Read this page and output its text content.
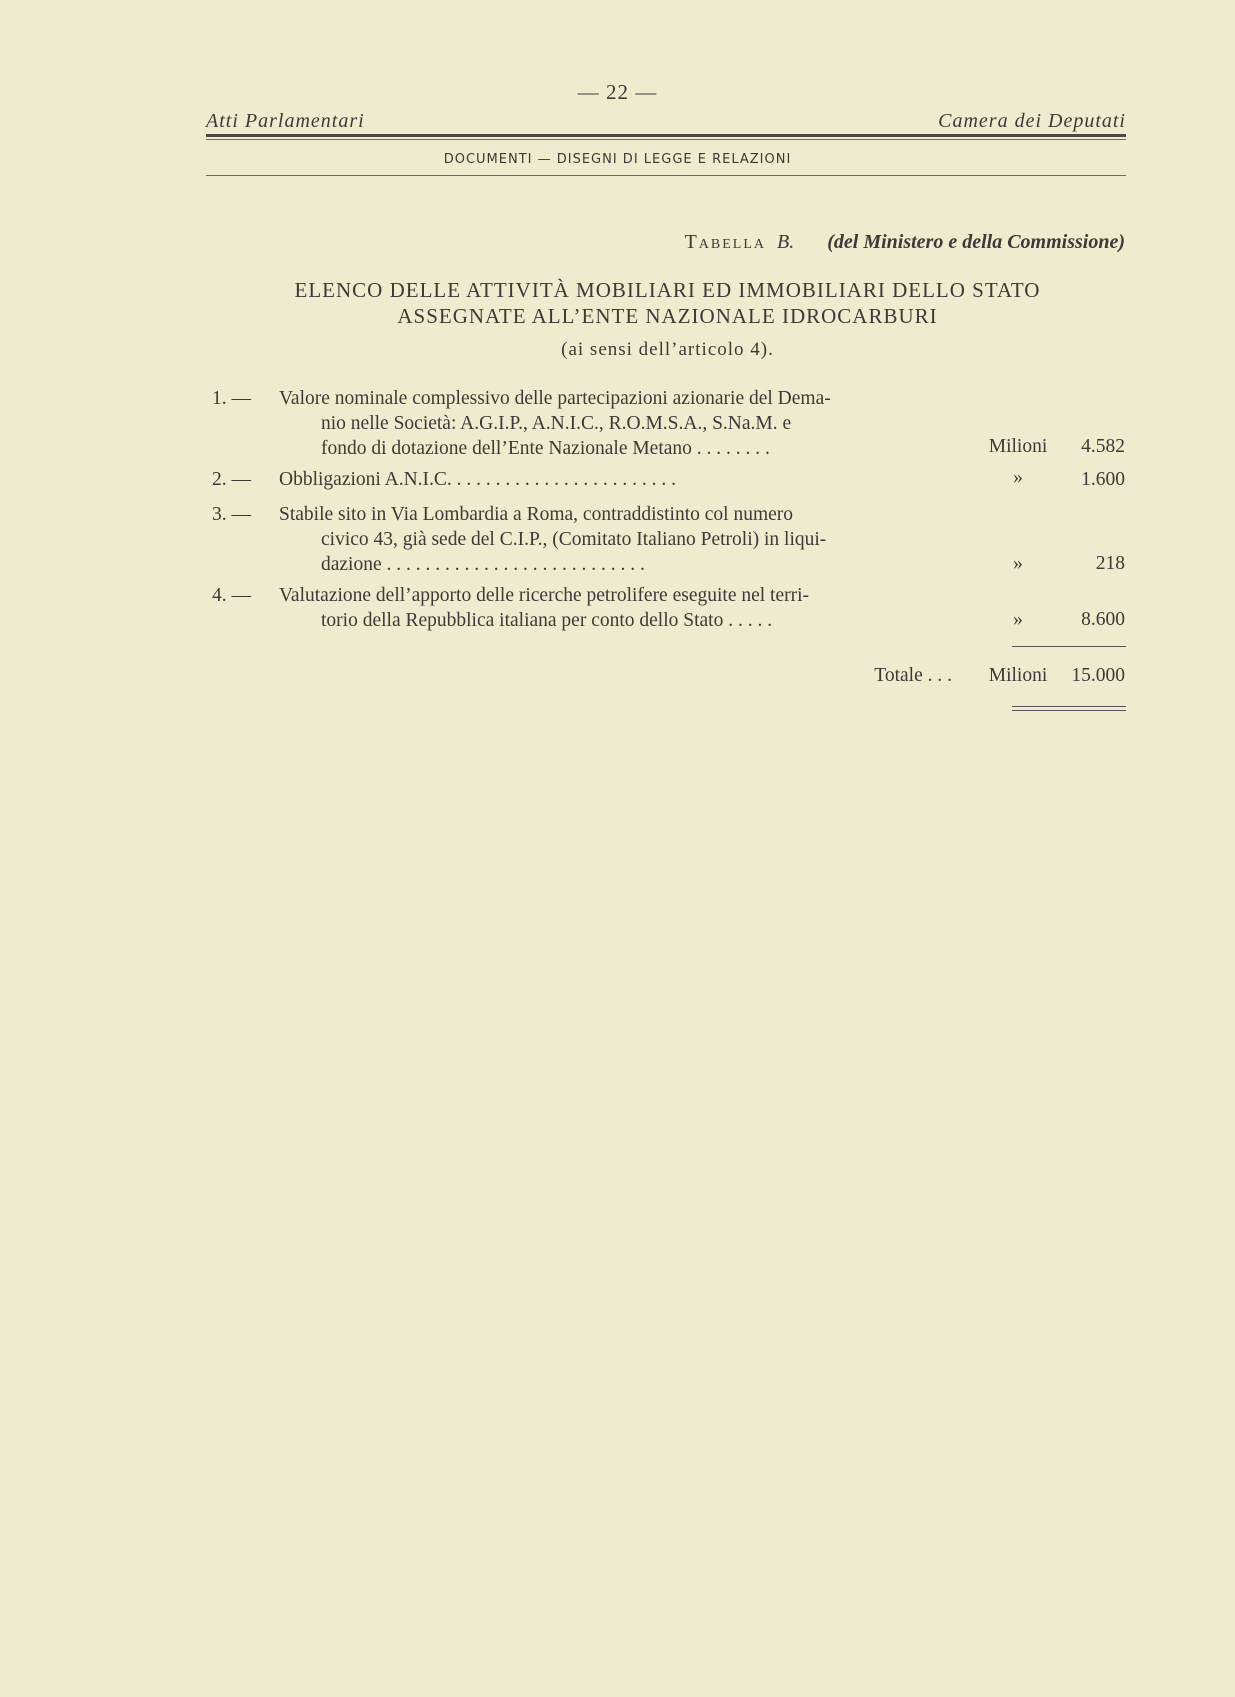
— 22 —
Atti Parlamentari	Camera dei Deputati
DOCUMENTI — DISEGNI DI LEGGE E RELAZIONI
Tabella B. (del Ministero e della Commissione)
ELENCO DELLE ATTIVITÀ MOBILIARI ED IMMOBILIARI DELLO STATO
ASSEGNATE ALL’ENTE NAZIONALE IDROCARBURI
(ai sensi dell’articolo 4).
1. — Valore nominale complessivo delle partecipazioni azionarie del Dema-
nio nelle Società: A.G.I.P., A.N.I.C., R.O.M.S.A., S.Na.M. e
fondo di dotazione dell’Ente Nazionale Metano . . . . . . . .	Milioni	4.582
2. — Obbligazioni A.N.I.C. . . . . . . . . . . . . . . . . . . . . . . .	»	1.600
3. — Stabile sito in Via Lombardia a Roma, contraddistinto col numero
civico 43, già sede del C.I.P., (Comitato Italiano Petroli) in liqui-
dazione . . . . . . . . . . . . . . . . . . . . . . . . . . .	»	218
4. — Valutazione dell’apporto delle ricerche petrolifere eseguite nel terri-
torio della Repubblica italiana per conto dello Stato . . . . .	»	8.600
Totale . . .	Milioni	15.000
